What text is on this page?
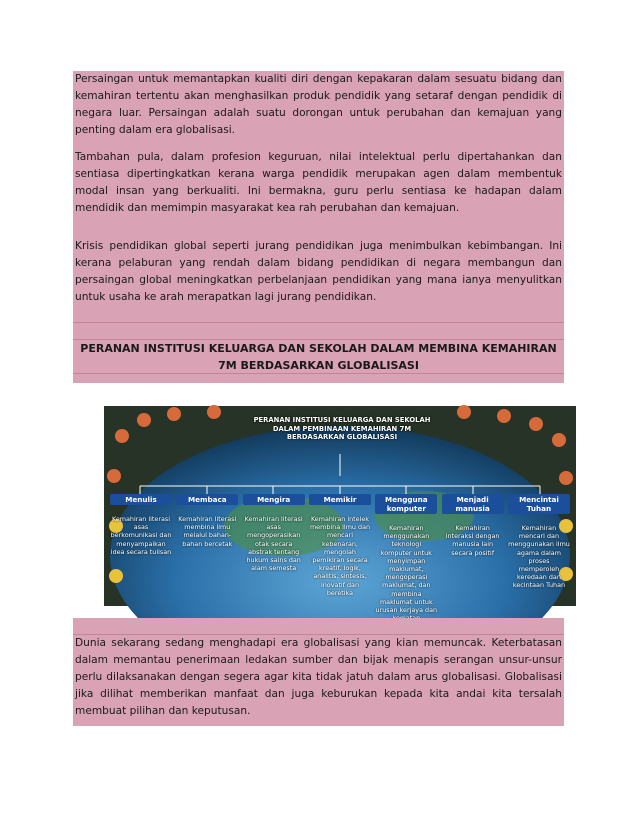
Persaingan untuk memantapkan kualiti diri dengan kepakaran dalam sesuatu bidang dan kemahiran tertentu akan menghasilkan produk pendidik yang setaraf dengan pendidik di negara luar. Persaingan adalah suatu dorongan untuk perubahan dan kemajuan yang penting dalam era globalisasi.

Tambahan pula, dalam profesion keguruan, nilai intelektual perlu dipertahankan dan sentiasa dipertingkatkan kerana warga pendidik merupakan agen dalam membentuk modal insan yang berkualiti. Ini bermakna, guru perlu sentiasa ke hadapan dalam mendidik dan memimpin masyarakat kea rah perubahan dan kemajuan.

Krisis pendidikan global seperti jurang pendidikan juga menimbulkan kebimbangan. Ini kerana pelaburan yang rendah dalam bidang pendidikan di negara membangun dan persaingan global meningkatkan perbelanjaan pendidikan yang mana ianya menyulitkan untuk usaha ke arah merapatkan lagi jurang pendidikan.

PERANAN INSTITUSI KELUARGA DAN SEKOLAH DALAM MEMBINA KEMAHIRAN 7M BERDASARKAN GLOBALISASI

PERANAN INSTITUSI KELUARGA DAN SEKOLAH DALAM PEMBINAAN KEMAHIRAN 7M BERDASARKAN GLOBALISASI
Menulis
Kemahiran literasi asas berkomunikasi dan menyampaikan idea secara tulisan
Membaca
Kemahiran literasi membina ilmu melalui bahan-bahan bercetak
Mengira
Kemahiran literasi asas mengoperasikan otak secara abstrak tentang hukum sains dan alam semesta
Memikir
Kemahiran intelek membina ilmu dan mencari kebenaran, mengolah pemikiran secara kreatif, logik, analitis, sintesis, inovatif dan beretika
Mengguna komputer
Kemahiran menggunakan teknologi komputer untuk menyimpan maklumat, mengoperasi maklumat, dan membina maklumat untuk urusan kerjaya dan
Menjadi manusia
Kemahiran interaksi dengan manusia lain secara positif
Mencintai Tuhan
Kemahiran mencari dan menggunakan ilmu agama dalam proses memperoleh keredaan dan kecintaan Tuhan

Dunia sekarang sedang menghadapi era globalisasi yang kian memuncak. Keterbatasan dalam memantau penerimaan ledakan sumber dan bijak menapis serangan unsur-unsur perlu dilaksanakan dengan segera agar kita tidak jatuh dalam arus globalisasi. Globalisasi jika dilihat memberikan manfaat dan juga keburukan kepada kita andai kita tersalah membuat pilihan dan keputusan.
